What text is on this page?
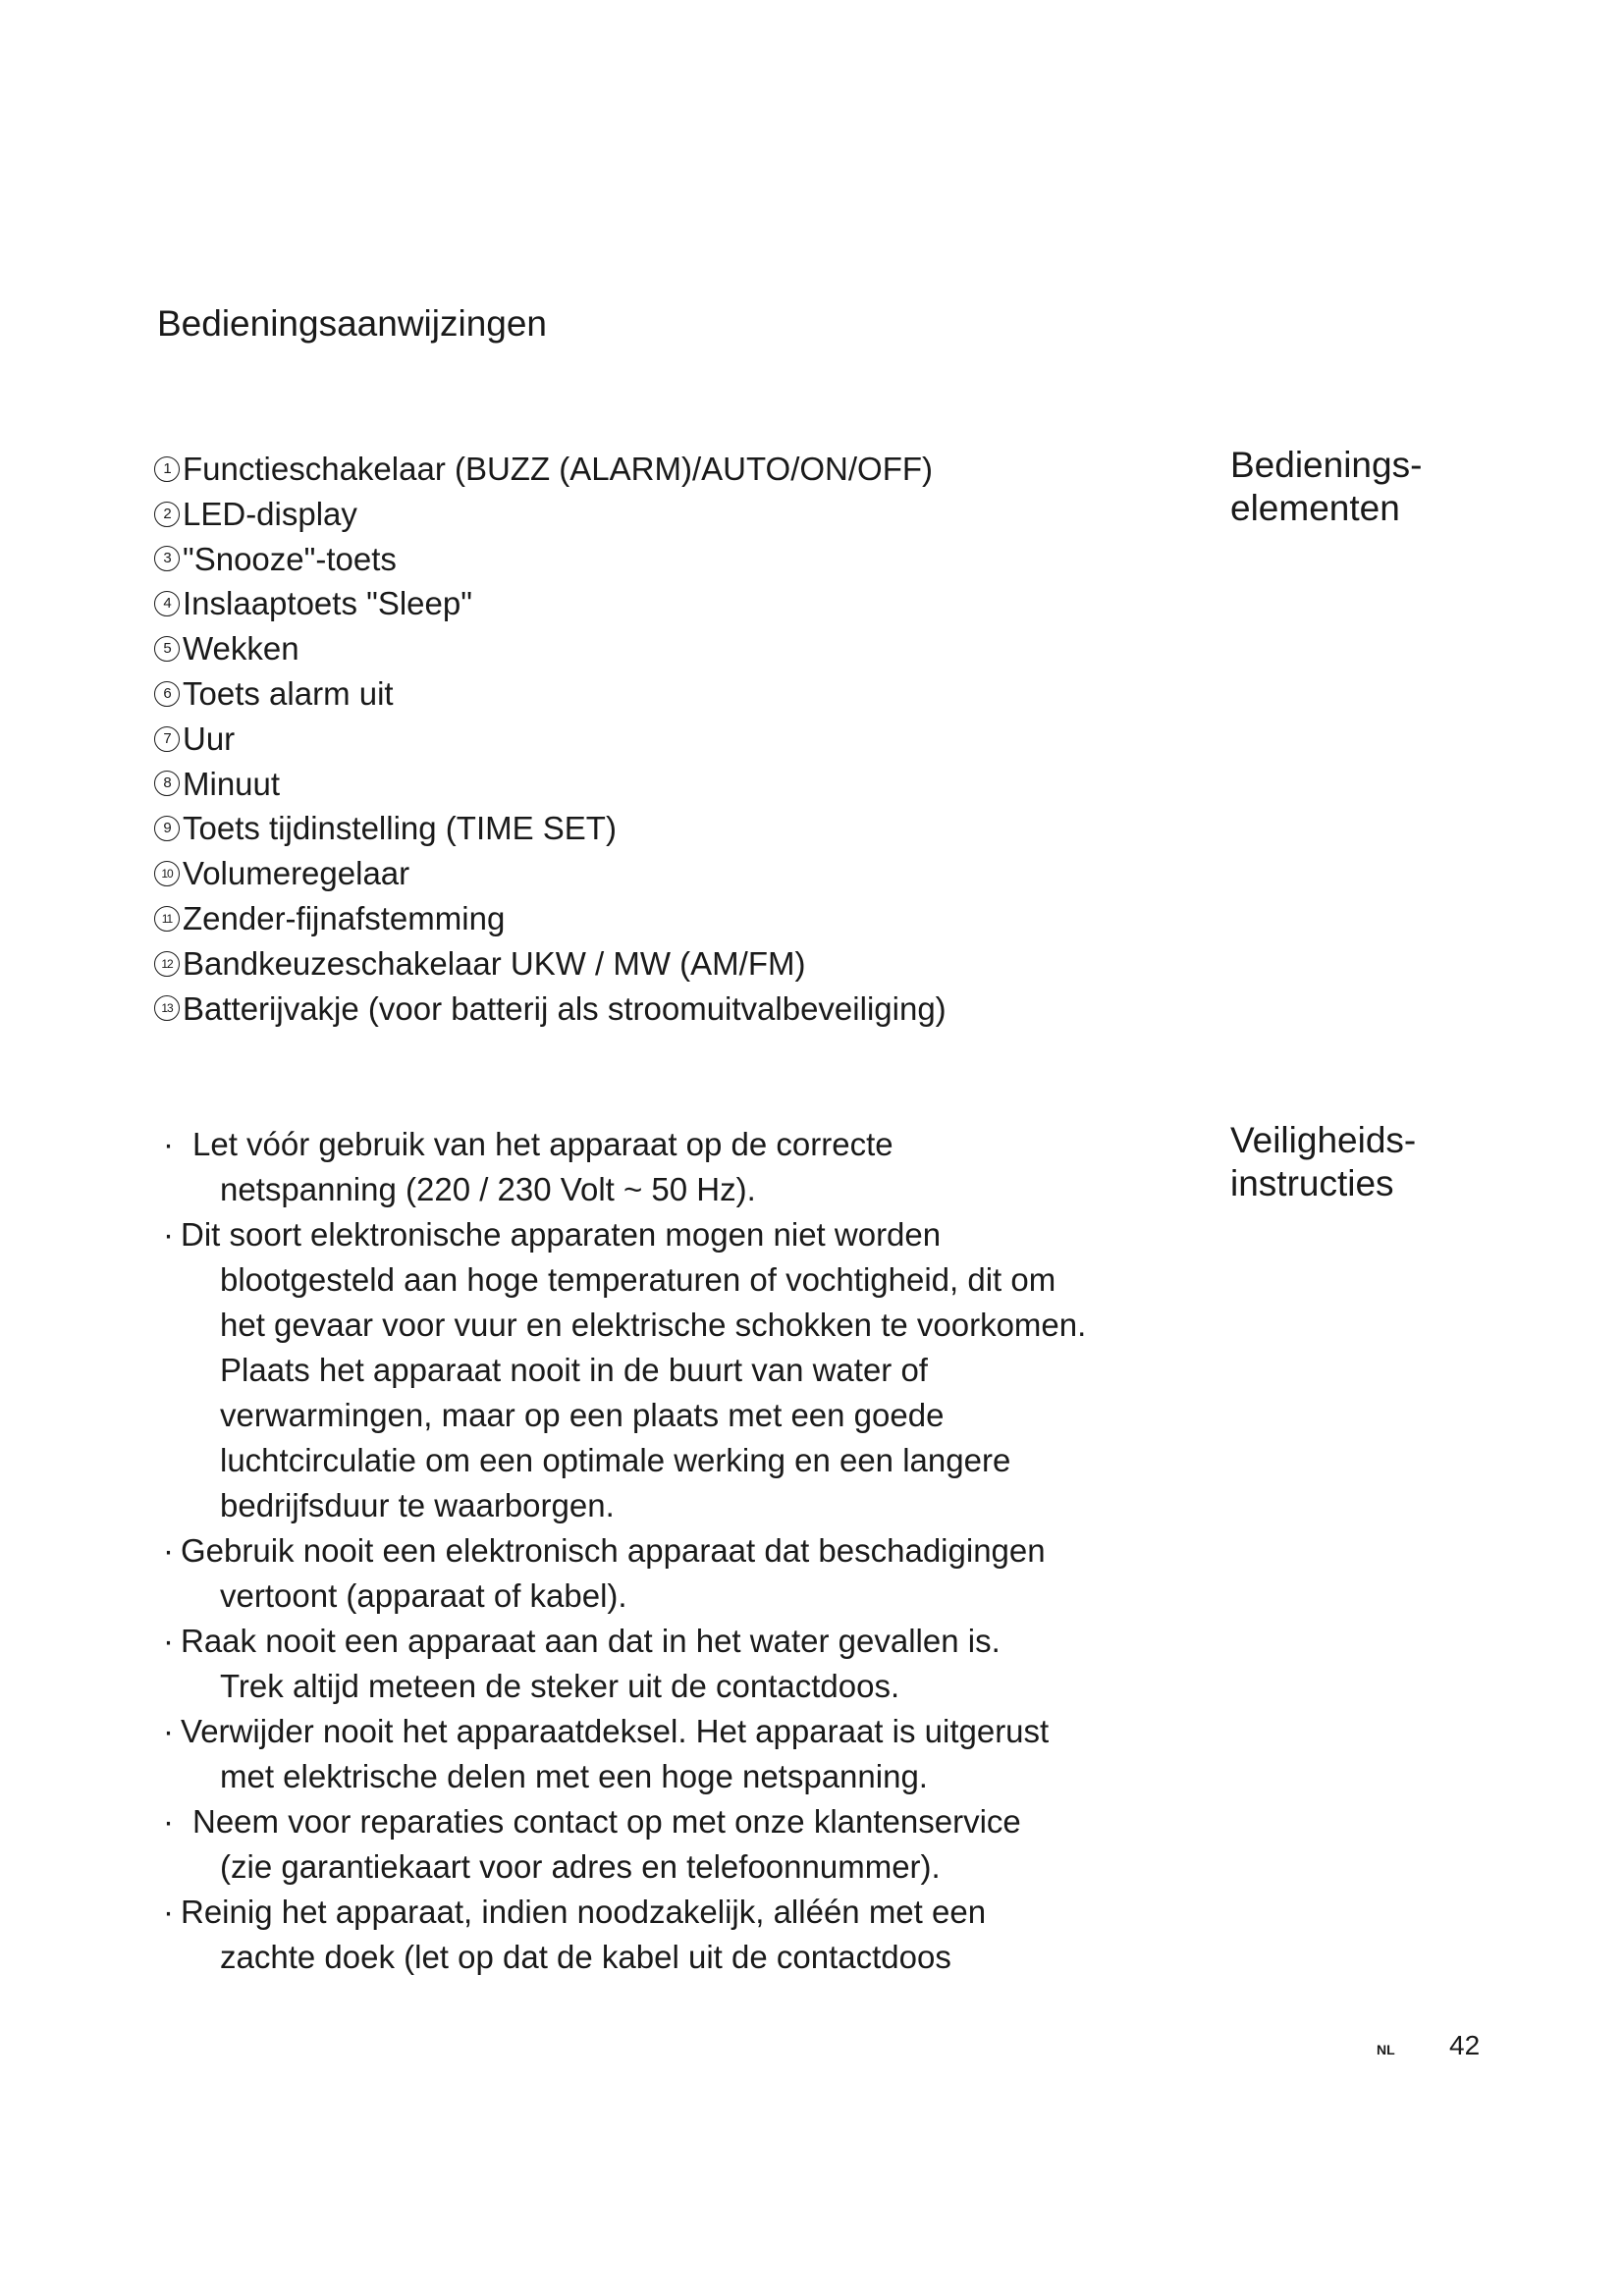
Bedieningsaanwijzingen
Bedienings-
elementen
1 Functieschakelaar (BUZZ (ALARM)/AUTO/ON/OFF)
2 LED-display
3 "Snooze"-toets
4 Inslaaptoets "Sleep"
5 Wekken
6 Toets alarm uit
7 Uur
8 Minuut
9 Toets tijdinstelling (TIME SET)
10 Volumeregelaar
11 Zender-fijnafstemming
12 Bandkeuzeschakelaar UKW / MW (AM/FM)
13 Batterijvakje (voor batterij als stroomuitvalbeveiliging)
Veiligheids-
instructies
· Let vóór gebruik van het apparaat op de correcte
netspanning (220 / 230 Volt ~ 50 Hz).
· Dit soort elektronische apparaten mogen niet worden
blootgesteld aan hoge temperaturen of vochtigheid, dit om
het gevaar voor vuur en elektrische schokken te voorkomen.
Plaats het apparaat nooit in de buurt van water of
verwarmingen, maar op een plaats met een goede
luchtcirculatie om een optimale werking en een langere
bedrijfsduur te waarborgen.
· Gebruik nooit een elektronisch apparaat dat beschadigingen
vertoont (apparaat of kabel).
· Raak nooit een apparaat aan dat in het water gevallen is.
Trek altijd meteen de steker uit de contactdoos.
· Verwijder nooit het apparaatdeksel. Het apparaat is uitgerust
met elektrische delen met een hoge netspanning.
· Neem voor reparaties contact op met onze klantenservice
(zie garantiekaart voor adres en telefoonnummer).
· Reinig het apparaat, indien noodzakelijk, alléén met een
zachte doek (let op dat de kabel uit de contactdoos
NL 42
